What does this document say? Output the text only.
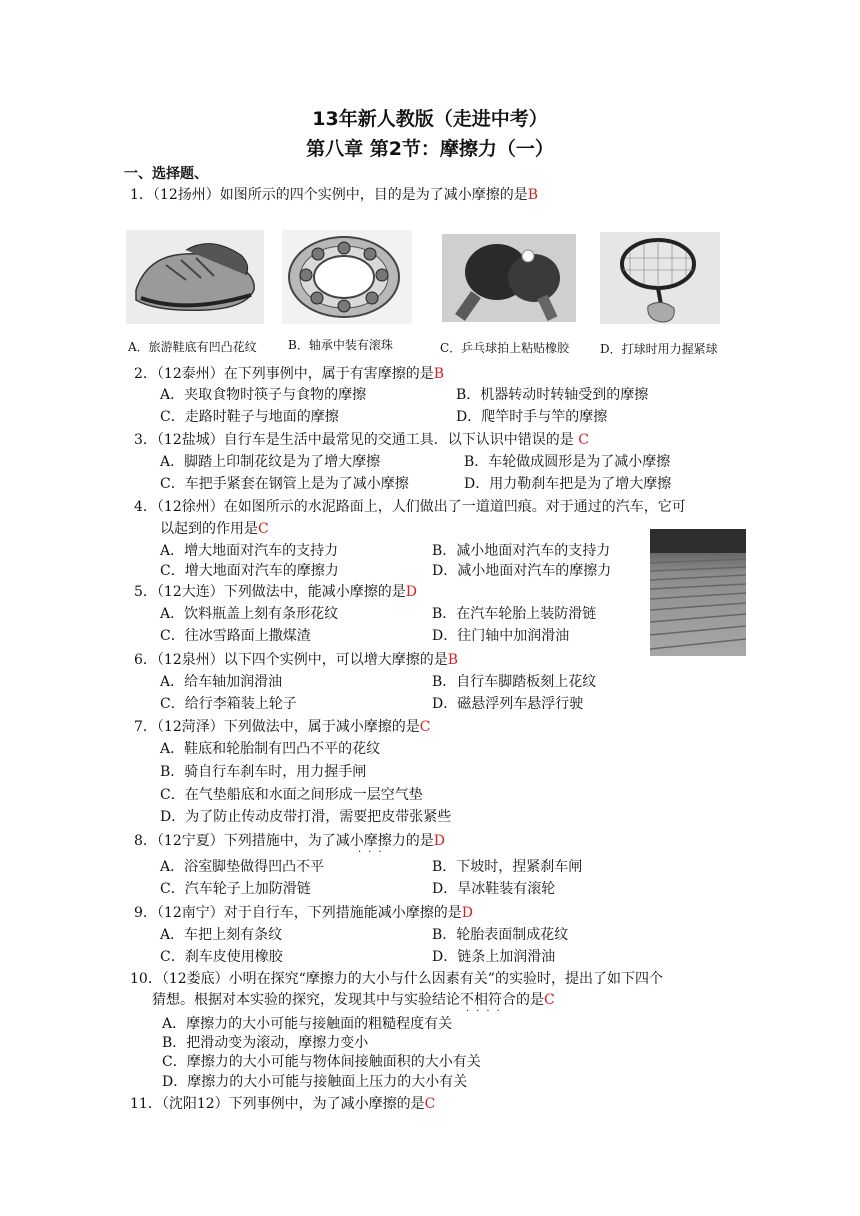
13年新人教版（走进中考）
第八章 第2节：摩擦力（一）
一、选择题、
1．（12扬州）如图所示的四个实例中，目的是为了减小摩擦的是B
A．旅游鞋底有凹凸花纹	B．轴承中装有滚珠	C．乒乓球拍上粘贴橡胶	D．打球时用力握紧球
2．（12泰州）在下列事例中，属于有害摩擦的是B
A．夹取食物时筷子与食物的摩擦	B．机器转动时转轴受到的摩擦
C．走路时鞋子与地面的摩擦	D．爬竿时手与竿的摩擦
3．（12盐城）自行车是生活中最常见的交通工具．以下认识中错误的是 C
A．脚踏上印制花纹是为了增大摩擦	B．车轮做成圆形是为了减小摩擦
C．车把手紧套在钢管上是为了减小摩擦	D．用力勒刹车把是为了增大摩擦
4．（12徐州）在如图所示的水泥路面上，人们做出了一道道凹痕。对于通过的汽车，它可
以起到的作用是C
A．增大地面对汽车的支持力	B．减小地面对汽车的支持力
C．增大地面对汽车的摩擦力	D．减小地面对汽车的摩擦力
5．（12大连）下列做法中，能减小摩擦的是D
A．饮料瓶盖上刻有条形花纹	B．在汽车轮胎上装防滑链
C．往冰雪路面上撒煤渣	D．往门轴中加润滑油
6．（12泉州）以下四个实例中，可以增大摩擦的是B
A．给车轴加润滑油	B．自行车脚踏板刻上花纹
C．给行李箱装上轮子	D．磁悬浮列车悬浮行驶
7．（12菏泽）下列做法中，属于减小摩擦的是C
A．鞋底和轮胎制有凹凸不平的花纹
B．骑自行车刹车时，用力握手闸
C．在气垫船底和水面之间形成一层空气垫
D．为了防止传动皮带打滑，需要把皮带张紧些
8．（12宁夏）下列措施中，为了减小摩擦力的是D
···
A．浴室脚垫做得凹凸不平	B．下坡时，捏紧刹车闸
C．汽车轮子上加防滑链	D．旱冰鞋装有滚轮
9．（12南宁）对于自行车，下列措施能减小摩擦的是D
A．车把上刻有条纹	B．轮胎表面制成花纹
C．刹车皮使用橡胶	D．链条上加润滑油
10．（12娄底）小明在探究“摩擦力的大小与什么因素有关”的实验时，提出了如下四个
猜想。根据对本实验的探究，发现其中与实验结论不相符合的是C
····
A．摩擦力的大小可能与接触面的粗糙程度有关
B．把滑动变为滚动，摩擦力变小
C．摩擦力的大小可能与物体间接触面积的大小有关
D．摩擦力的大小可能与接触面上压力的大小有关
11．（沈阳12）下列事例中，为了减小摩擦的是C
